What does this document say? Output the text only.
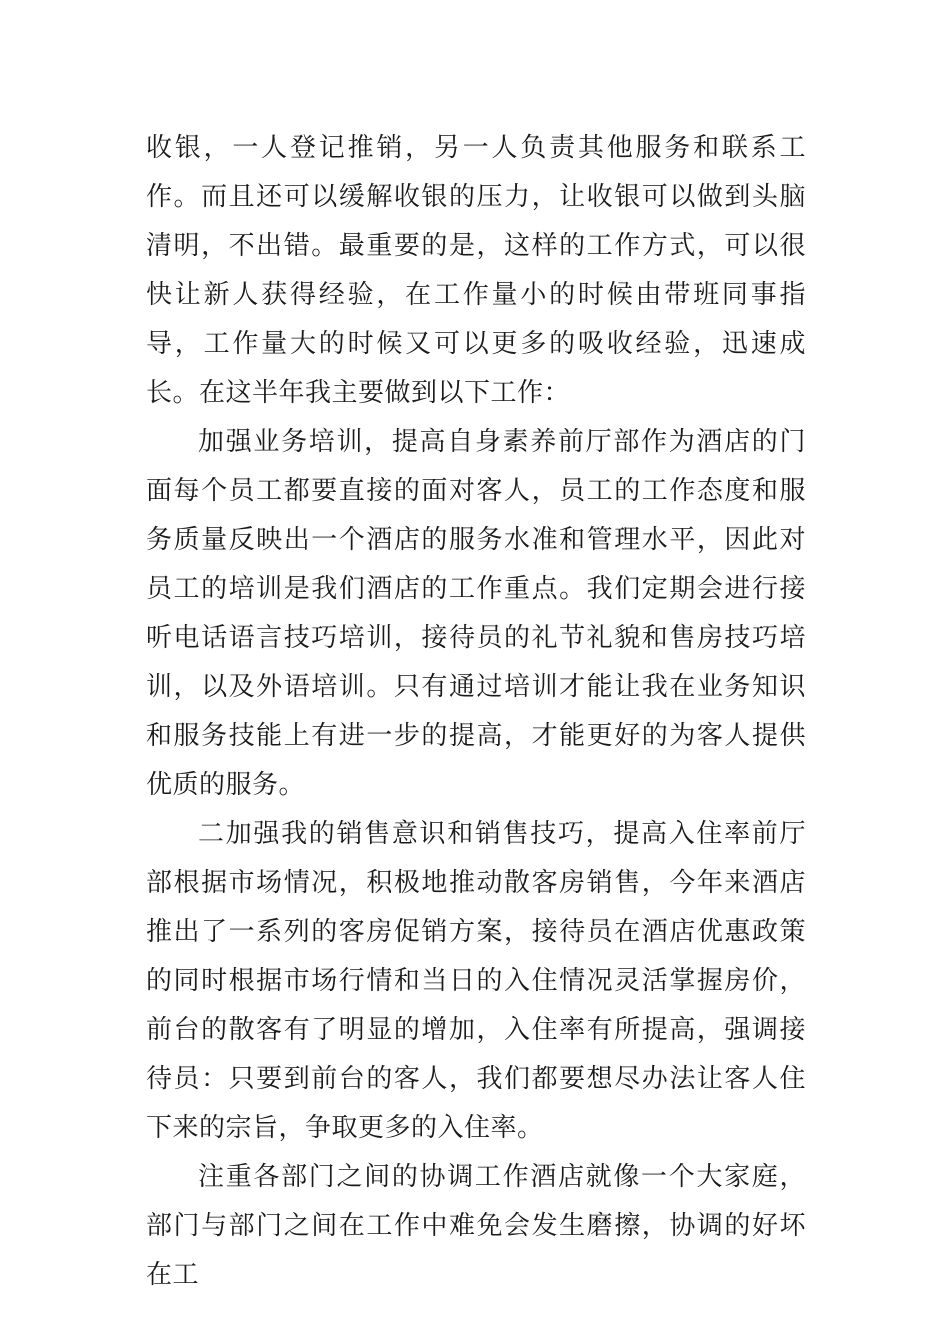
收银，一人登记推销，另一人负责其他服务和联系工作。而且还可以缓解收银的压力，让收银可以做到头脑清明，不出错。最重要的是，这样的工作方式，可以很快让新人获得经验，在工作量小的时候由带班同事指导，工作量大的时候又可以更多的吸收经验，迅速成长。在这半年我主要做到以下工作：

加强业务培训，提高自身素养前厅部作为酒店的门面每个员工都要直接的面对客人，员工的工作态度和服务质量反映出一个酒店的服务水准和管理水平，因此对员工的培训是我们酒店的工作重点。我们定期会进行接听电话语言技巧培训，接待员的礼节礼貌和售房技巧培训，以及外语培训。只有通过培训才能让我在业务知识和服务技能上有进一步的提高，才能更好的为客人提供优质的服务。

二加强我的销售意识和销售技巧，提高入住率前厅部根据市场情况，积极地推动散客房销售，今年来酒店推出了一系列的客房促销方案，接待员在酒店优惠政策的同时根据市场行情和当日的入住情况灵活掌握房价，前台的散客有了明显的增加，入住率有所提高，强调接待员：只要到前台的客人，我们都要想尽办法让客人住下来的宗旨，争取更多的入住率。

注重各部门之间的协调工作酒店就像一个大家庭，部门与部门之间在工作中难免会发生磨擦，协调的好坏在工
